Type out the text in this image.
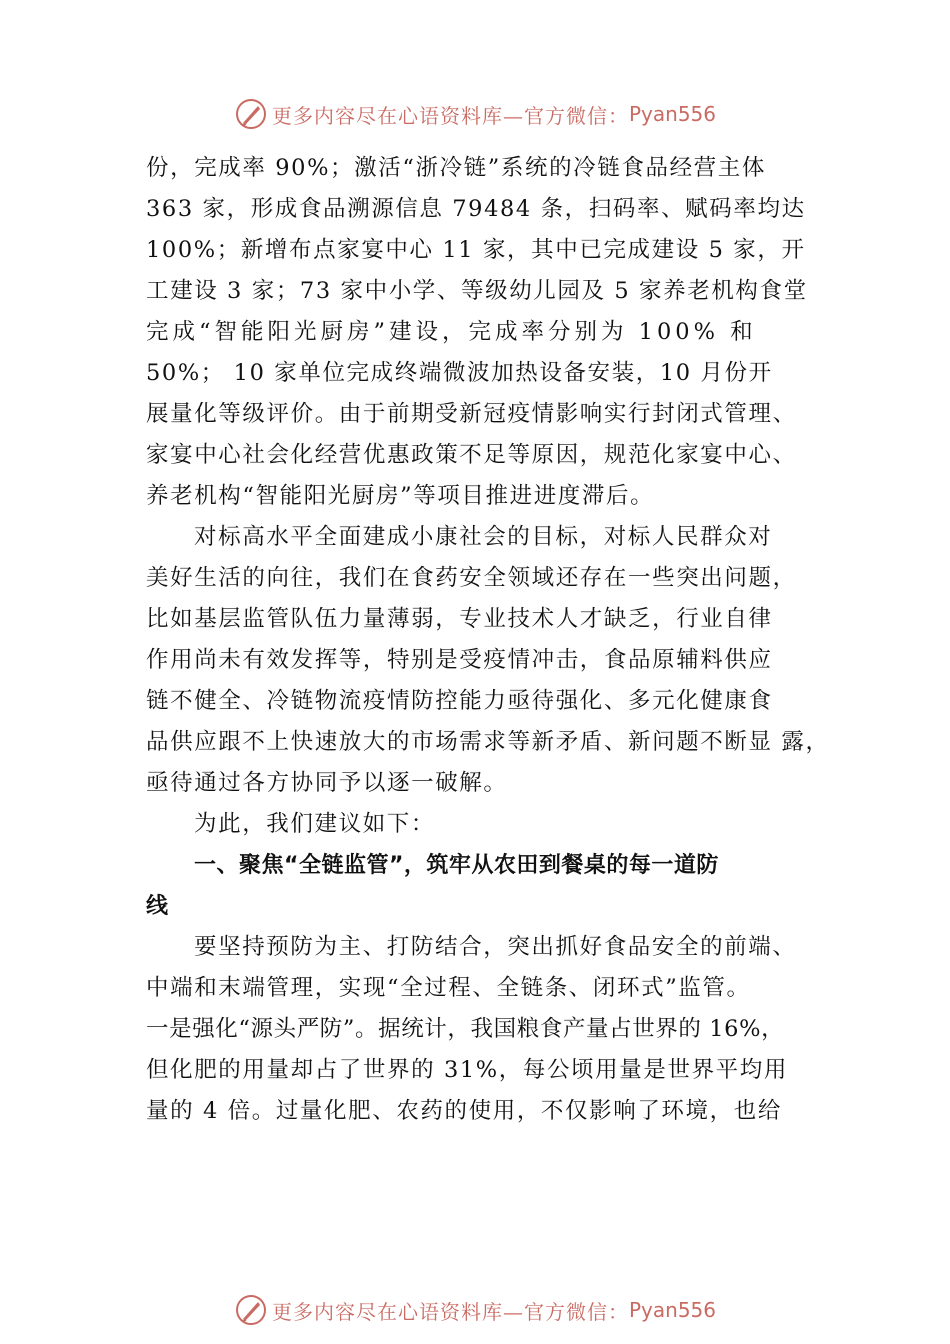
更多内容尽在心语资料库—官方微信： Pyan556
份，完成率 90%；激活“浙冷链”系统的冷链食品经营主体
363 家，形成食品溯源信息 79484 条，扫码率、赋码率均达
100%；新增布点家宴中心 11 家，其中已完成建设 5 家，开
工建设 3 家；73 家中小学、等级幼儿园及 5 家养老机构食堂
完成“智能阳光厨房”建设，完成率分别为 100% 和
50%； 10 家单位完成终端微波加热设备安装，10 月份开
展量化等级评价。由于前期受新冠疫情影响实行封闭式管理、
家宴中心社会化经营优惠政策不足等原因，规范化家宴中心、
养老机构“智能阳光厨房”等项目推进进度滞后。
对标高水平全面建成小康社会的目标，对标人民群众对
美好生活的向往，我们在食药安全领域还存在一些突出问题，
比如基层监管队伍力量薄弱，专业技术人才缺乏，行业自律
作用尚未有效发挥等，特别是受疫情冲击，食品原辅料供应
链不健全、冷链物流疫情防控能力亟待强化、多元化健康食
品供应跟不上快速放大的市场需求等新矛盾、新问题不断显 露，
亟待通过各方协同予以逐一破解。
为此，我们建议如下：
一、聚焦“全链监管”，筑牢从农田到餐桌的每一道防
线
要坚持预防为主、打防结合，突出抓好食品安全的前端、
中端和末端管理，实现“全过程、全链条、闭环式”监管。
一是强化“源头严防”。据统计，我国粮食产量占世界的 16%，
但化肥的用量却占了世界的 31%，每公顷用量是世界平均用
量的 4 倍。过量化肥、农药的使用，不仅影响了环境，也给
更多内容尽在心语资料库—官方微信： Pyan556
